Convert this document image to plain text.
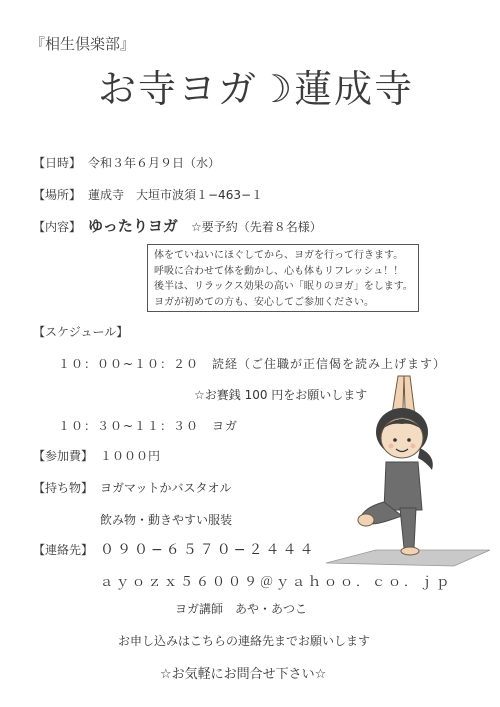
『相生倶楽部』
お寺ヨガ☽蓮成寺
【日時】 令和３年６月９日（水）
【場所】 蓮成寺　大垣市波須１−463−１
【内容】 ゆったりヨガ ☆要予約（先着８名様）
体をていねいにほぐしてから、ヨガを行って行きます。
呼吸に合わせて体を動かし、心も体もリフレッシュ！！
後半は、リラックス効果の高い「眠りのヨガ」をします。
ヨガが初めての方も、安心してご参加ください。
【スケジュール】
１０：００~１０：２０　読経（ご住職が正信偈を読み上げます）
☆お賽銭 100 円をお願いします
１０：３０~１１：３０　ヨガ
【参加費】 １０００円
【持ち物】 ヨガマットかバスタオル
飲み物・動きやすい服装
【連絡先】 ０９０−６５７０−２４４４
ａｙｏｚｘ５６００９＠ｙａｈｏｏ．ｃｏ．ｊｐ
ヨガ講師　あや・あつこ
お申し込みはこちらの連絡先までお願いします
☆お気軽にお問合せ下さい☆
